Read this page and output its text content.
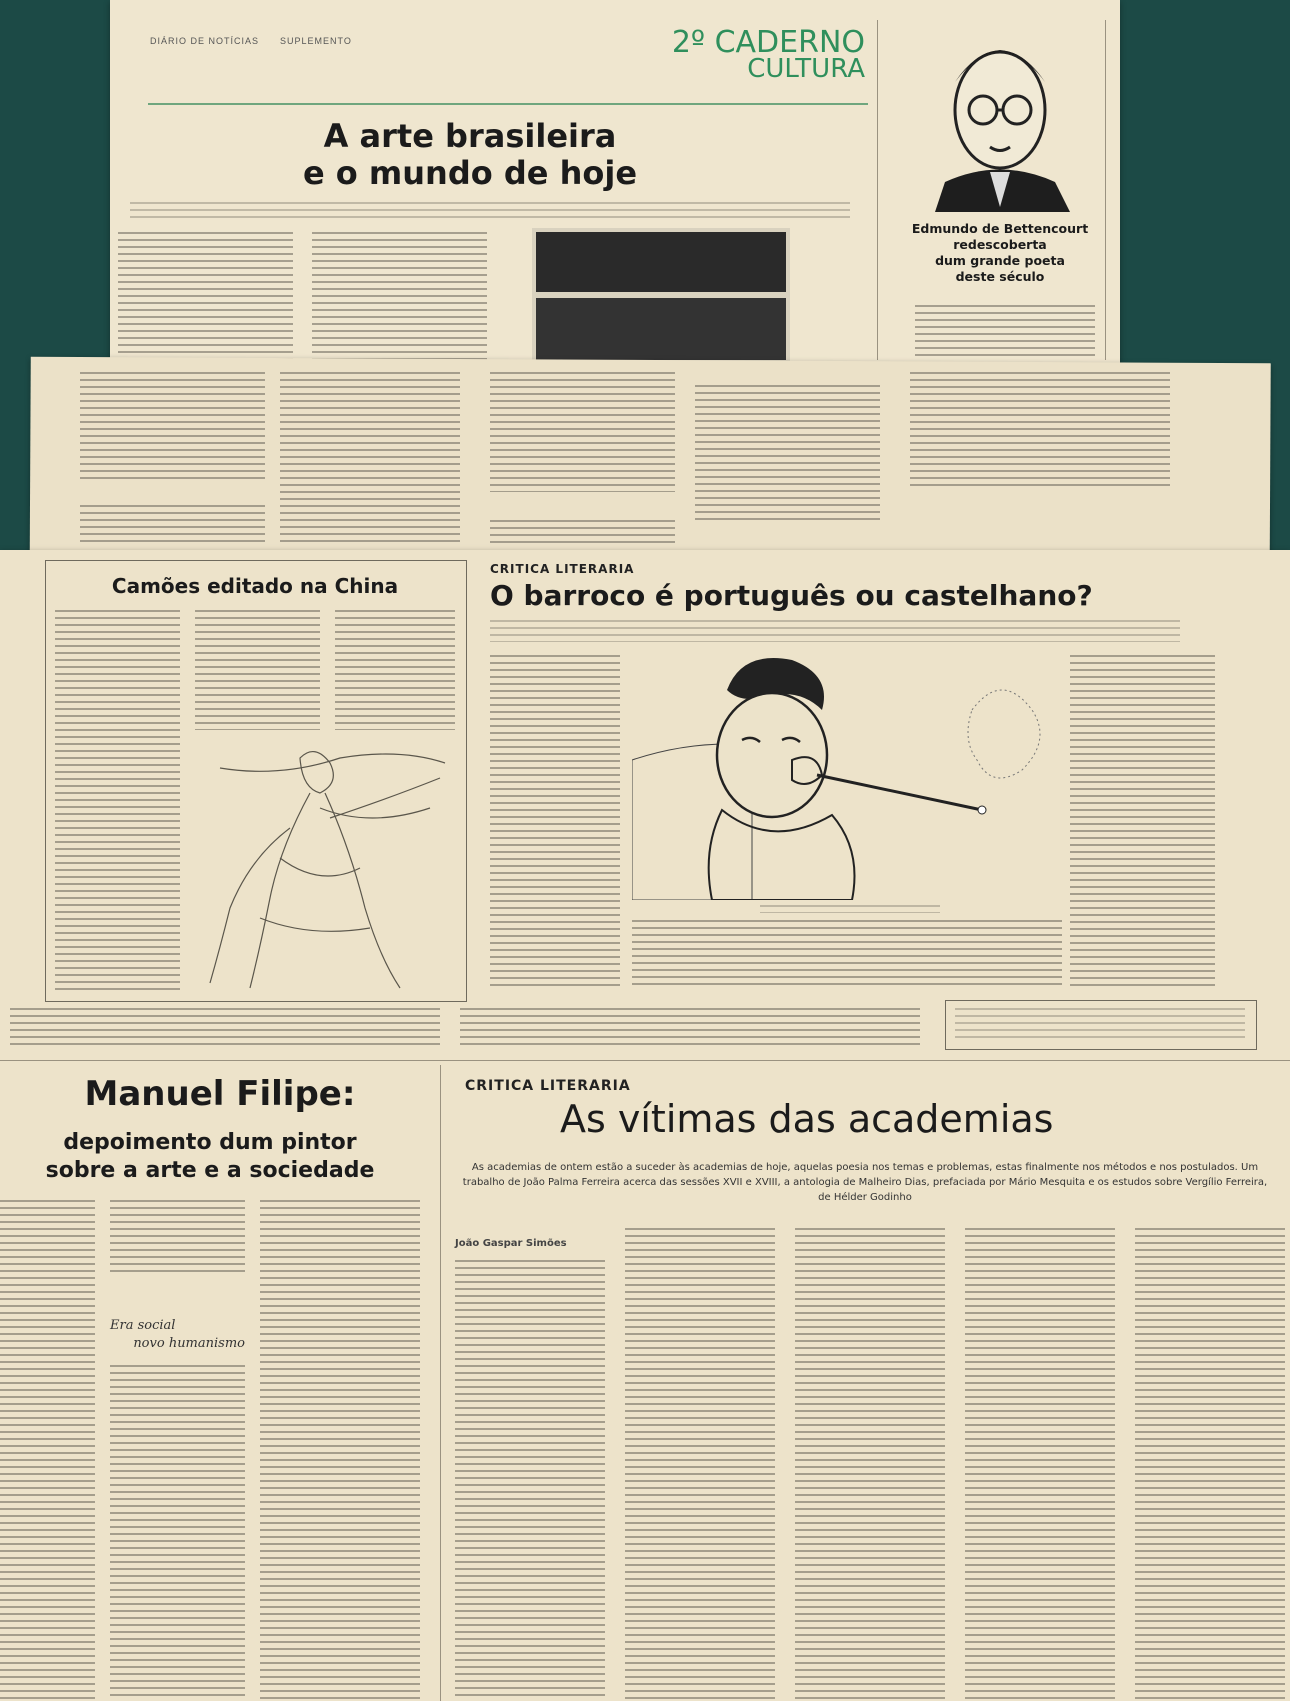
DIÁRIO DE NOTÍCIAS SUPLEMENTO	2º CADERNO
CULTURA
A arte brasileira
e o mundo de hoje
Edmundo de Bettencourt
redescoberta
dum grande poeta
deste século
Camões editado na China
CRITICA LITERARIA
O barroco é português ou castelhano?
Manuel Filipe:
depoimento dum pintor
sobre a arte e a sociedade
Era social
novo humanismo
CRITICA LITERARIA
As vítimas das academias
As academias de ontem estão a suceder às academias de hoje, aquelas poesia nos temas e problemas, estas finalmente nos métodos e nos postulados. Um trabalho de João Palma Ferreira acerca das sessões XVII e XVIII, a antologia de Malheiro Dias, prefaciada por Mário Mesquita e os estudos sobre Vergílio Ferreira, de Hélder Godinho
João Gaspar Simões
